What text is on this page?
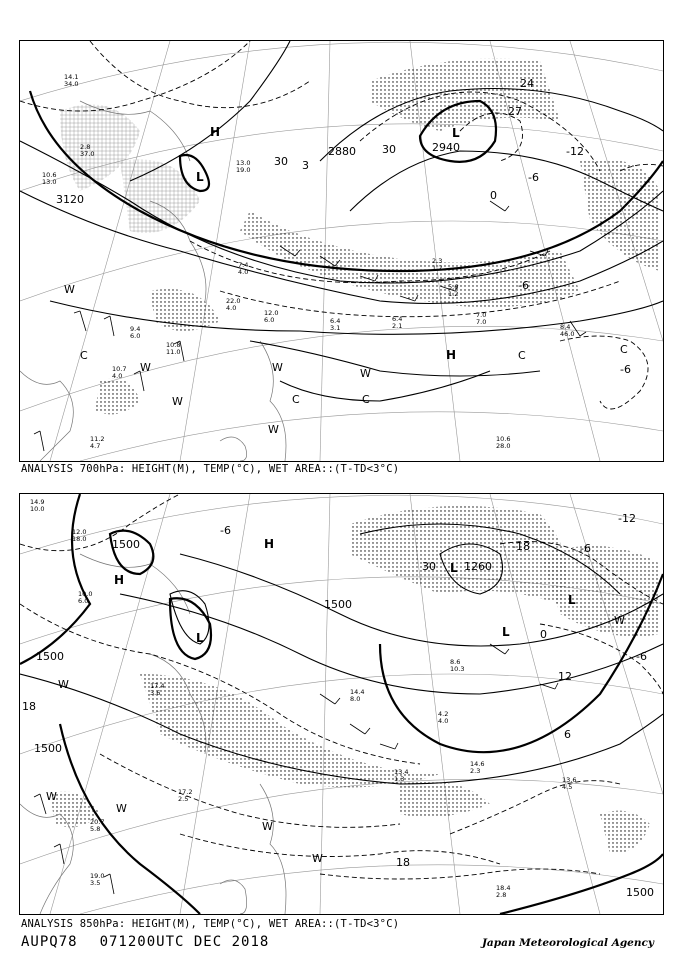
3120
30
2880	2940
24
27
30
3
-12
-6
-6
0
-6
H
L
L
H
W
W
W
W	W
C
C	C
C	C
W
14.1
34.0
2.8
37.0
10.6
13.0
9.4
6.0
10.8
11.0
10.7
4.0
11.2
4.7
8.4
46.0
10.6
28.0
12.0
6.0	6.4
3.1
6.4
2.1
7.0
7.0
5.6
1.2
2.3
1.2
13.0
19.0
7.4
4.0
22.0
4.0
ANALYSIS 700hPa: HEIGHT(M), TEMP(°C), WET AREA::(T-TD<3°C)
1500
1500
1500
1500
1500
1260
30
18
18
-12
-6
-6
12
-18	-6
0
6
H
L
H
L
L
L
W
W
W
W
W
W
14.9
10.0
12.0
18.0
10.0
6.0
17.4
3.6
20.7
5.8
19.0
3.5
18.4
2.8
14.6
2.3
13.6
4.5
13.4
1.3
4.2
4.0
14.4
8.0
8.6
10.3
17.2
2.5
ANALYSIS 850hPa: HEIGHT(M), TEMP(°C), WET AREA::(T-TD<3°C)
AUPQ78 071200UTC DEC 2018	Japan Meteorological Agency
